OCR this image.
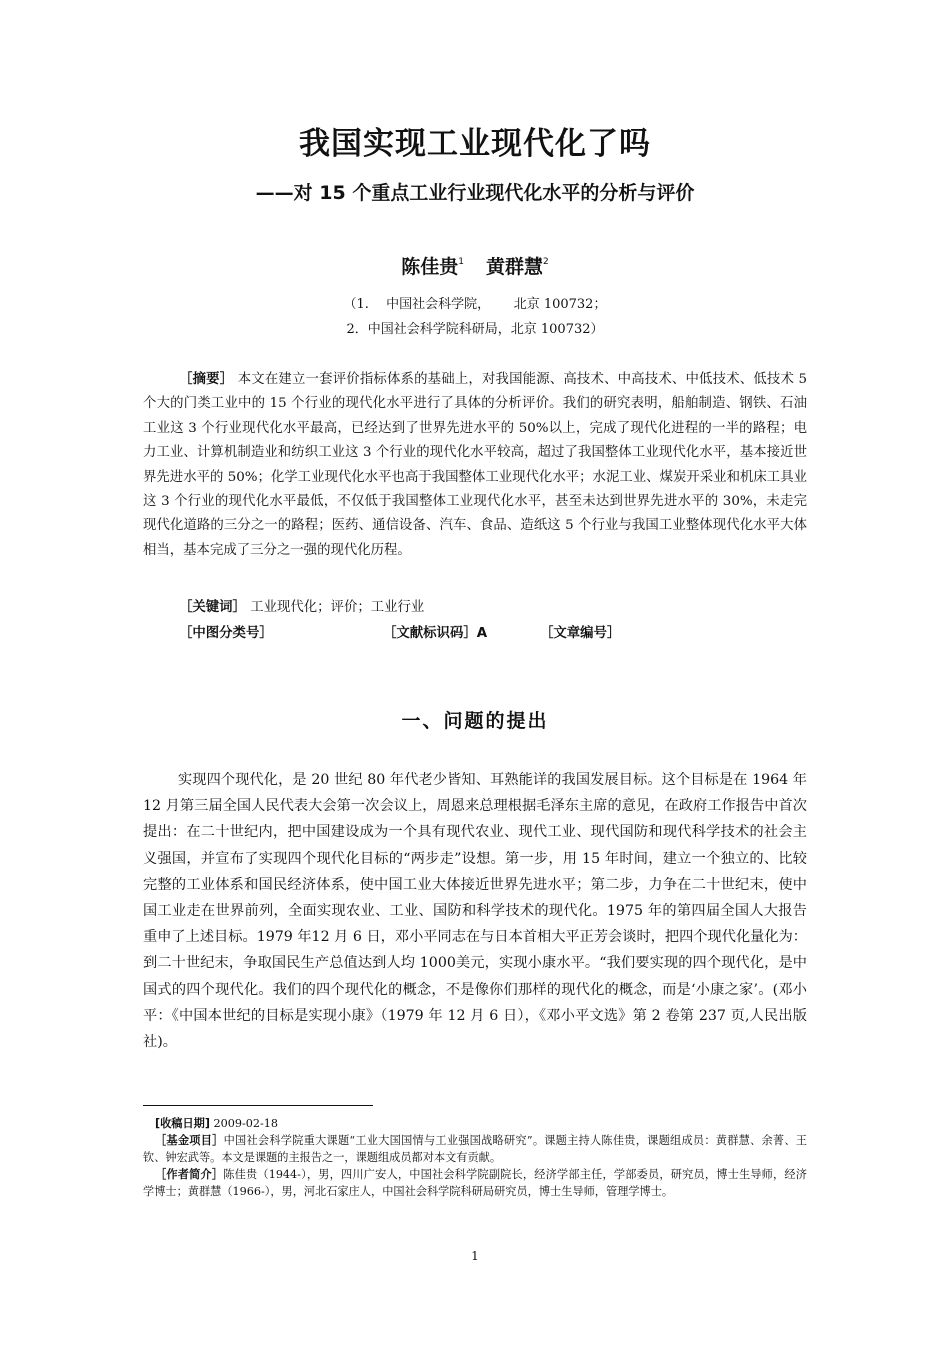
我国实现工业现代化了吗
——对 15 个重点工业行业现代化水平的分析与评价
陈佳贵$^1$ 黄群慧$^2$
（1.　 中国社会科学院，　　 北京 100732；
2．中国社会科学院科研局，北京 100732）
［摘要］ 本文在建立一套评价指标体系的基础上，对我国能源、高技术、中高技术、中低技术、低技术 5 个大的门类工业中的 15 个行业的现代化水平进行了具体的分析评价。我们的研究表明，船舶制造、钢铁、石油工业这 3 个行业现代化水平最高，已经达到了世界先进水平的 50%以上，完成了现代化进程的一半的路程；电力工业、计算机制造业和纺织工业这 3 个行业的现代化水平较高，超过了我国整体工业现代化水平，基本接近世界先进水平的 50%；化学工业现代化水平也高于我国整体工业现代化水平；水泥工业、煤炭开采业和机床工具业这 3 个行业的现代化水平最低，不仅低于我国整体工业现代化水平，甚至未达到世界先进水平的 30%，未走完现代化道路的三分之一的路程；医药、通信设备、汽车、食品、造纸这 5 个行业与我国工业整体现代化水平大体相当，基本完成了三分之一强的现代化历程。
［关键词］ 工业现代化；评价；工业行业
［中图分类号］	［文献标识码］A	［文章编号］
一、问题的提出
实现四个现代化，是 20 世纪 80 年代老少皆知、耳熟能详的我国发展目标。这个目标是在 1964 年 12 月第三届全国人民代表大会第一次会议上，周恩来总理根据毛泽东主席的意见，在政府工作报告中首次提出：在二十世纪内，把中国建设成为一个具有现代农业、现代工业、现代国防和现代科学技术的社会主义强国，并宣布了实现四个现代化目标的“两步走”设想。第一步，用 15 年时间，建立一个独立的、比较完整的工业体系和国民经济体系，使中国工业大体接近世界先进水平；第二步，力争在二十世纪末，使中国工业走在世界前列，全面实现农业、工业、国防和科学技术的现代化。1975 年的第四届全国人大报告重申了上述目标。1979 年12 月 6 日，邓小平同志在与日本首相大平正芳会谈时，把四个现代化量化为：到二十世纪末，争取国民生产总值达到人均 1000美元，实现小康水平。“我们要实现的四个现代化，是中国式的四个现代化。我们的四个现代化的概念，不是像你们那样的现代化的概念，而是‘小康之家’。(邓小平：《中国本世纪的目标是实现小康》（1979 年 12 月 6 日），《邓小平文选》第 2 卷第 237 页,人民出版社)。
[收稿日期] 2009-02-18
［基金项目］中国社会科学院重大课题“工业大国国情与工业强国战略研究”。课题主持人陈佳贵，课题组成员：黄群慧、余菁、王钦、钟宏武等。本文是课题的主报告之一，课题组成员都对本文有贡献。
［作者简介］陈佳贵（1944-），男，四川广安人，中国社会科学院副院长，经济学部主任，学部委员，研究员，博士生导师，经济学博士；黄群慧（1966-），男，河北石家庄人，中国社会科学院科研局研究员，博士生导师，管理学博士。
1
